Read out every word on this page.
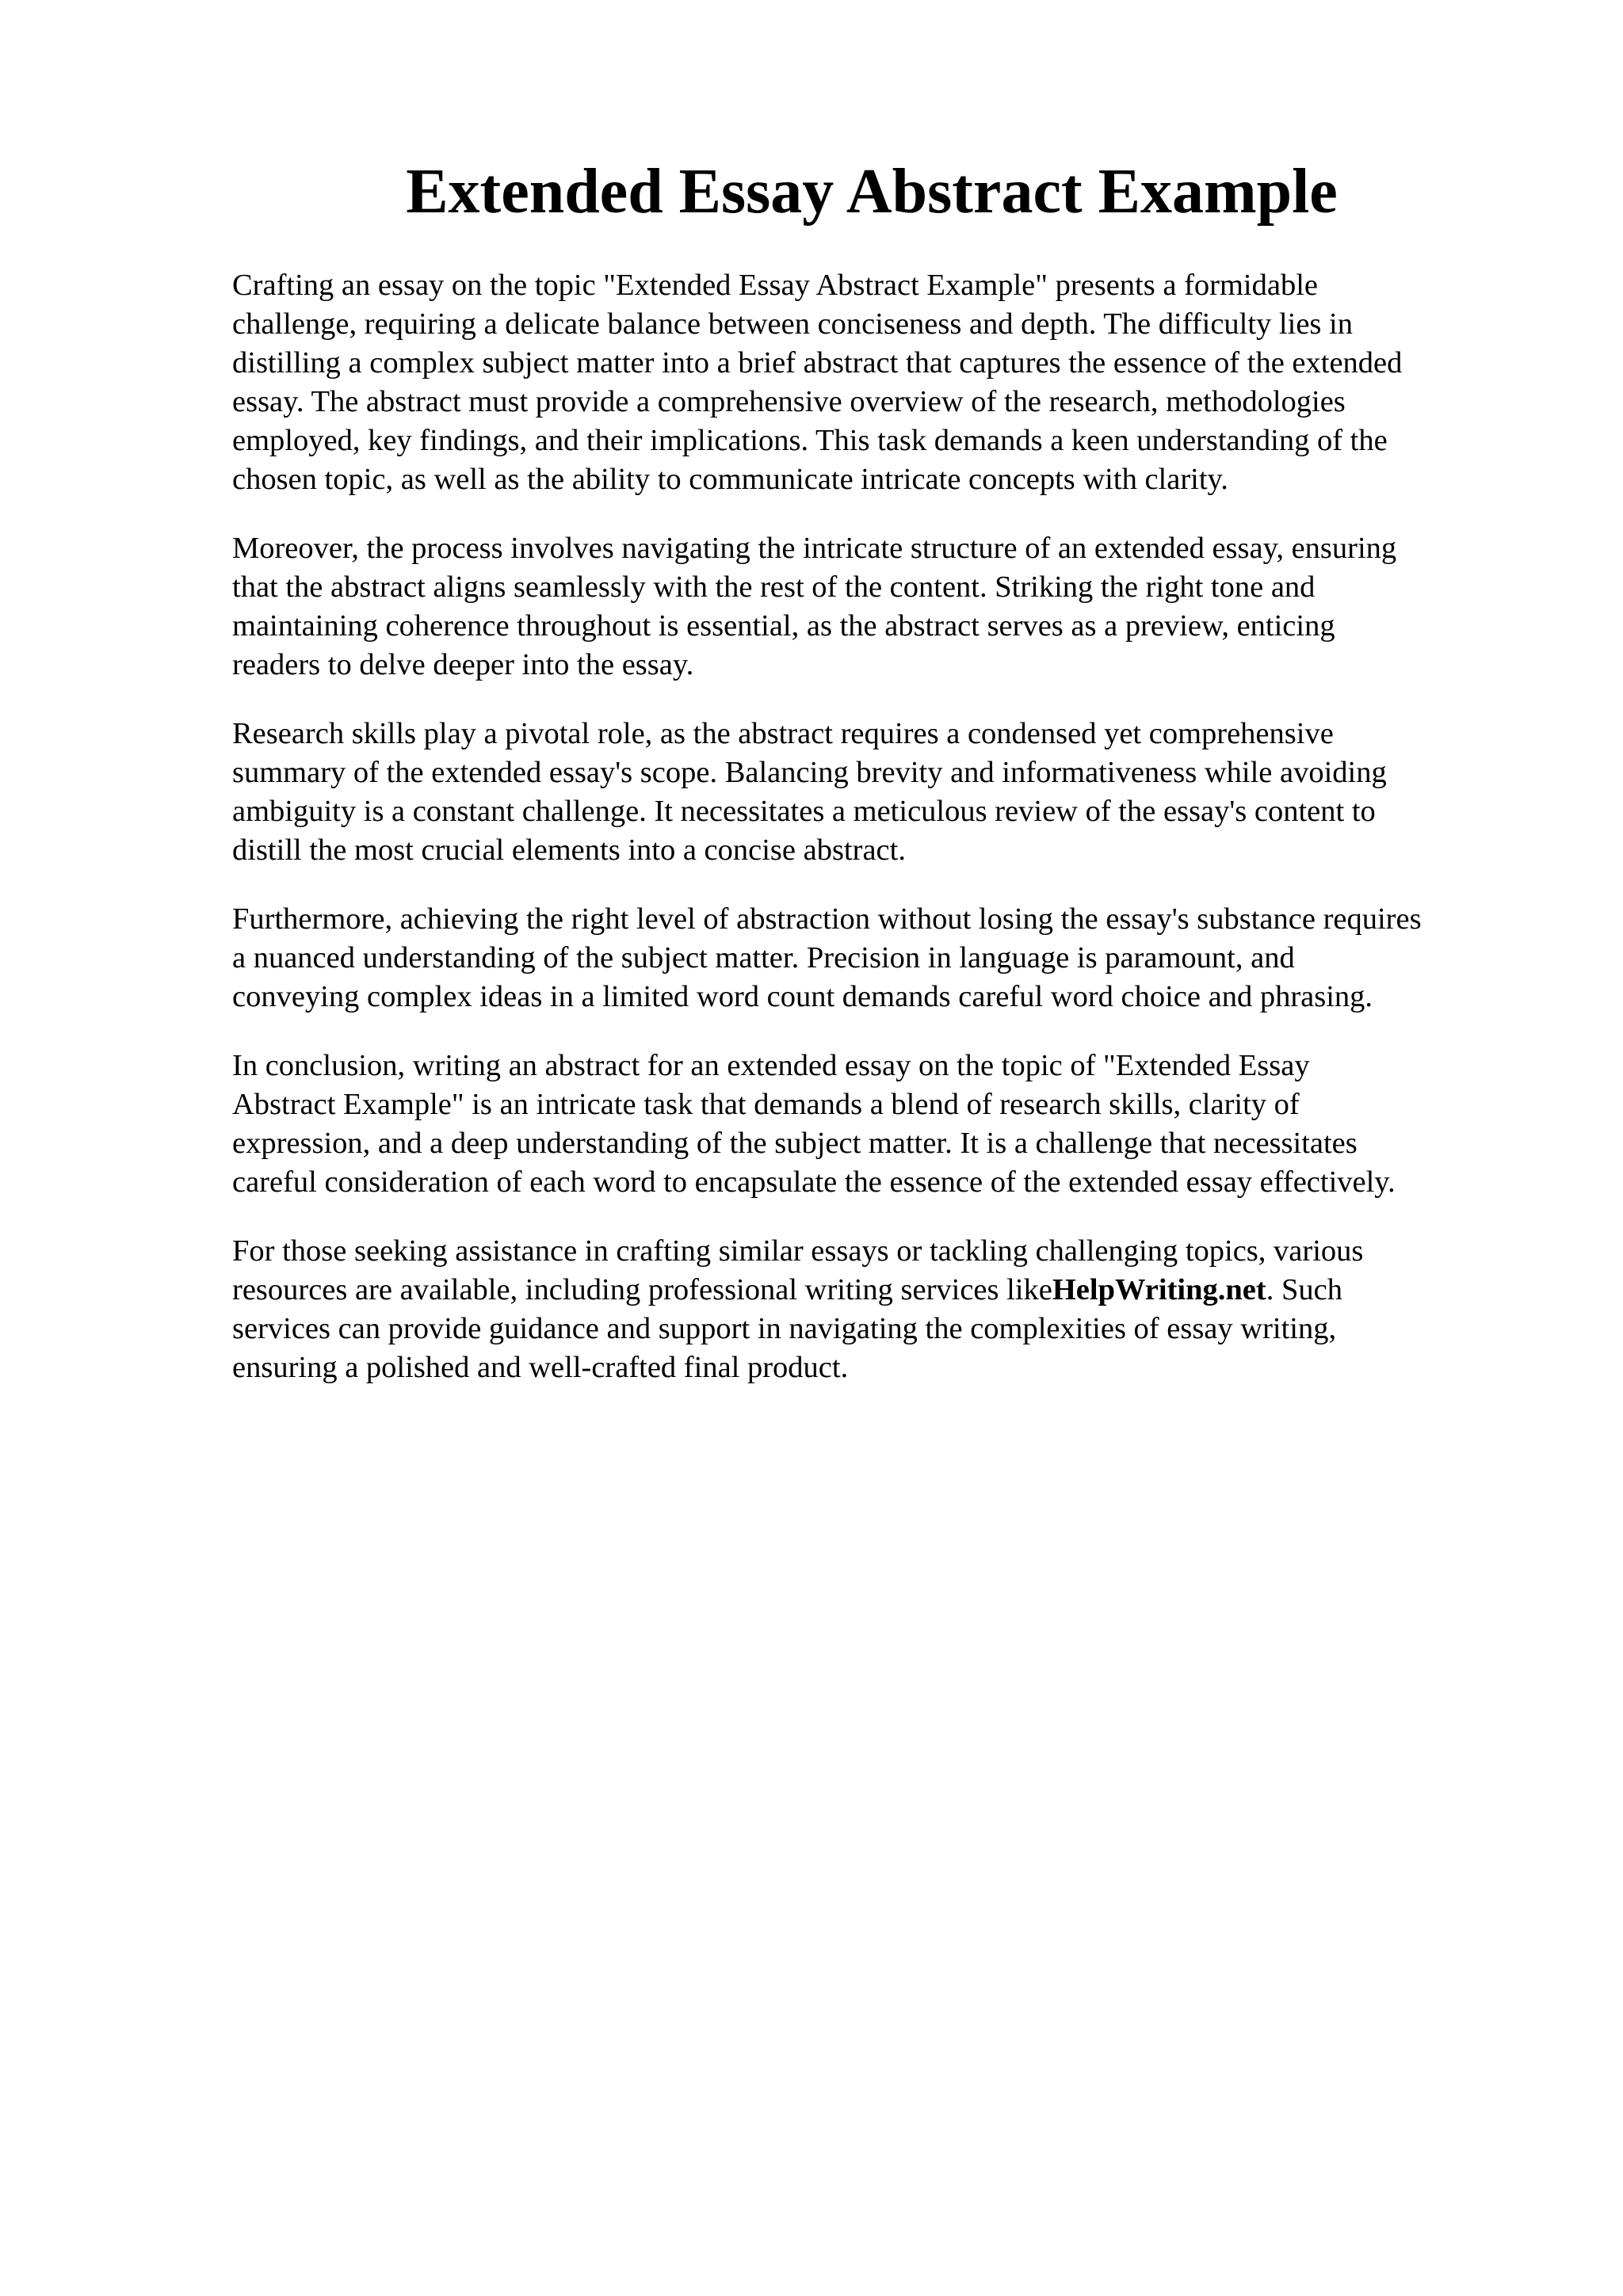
Extended Essay Abstract Example

Crafting an essay on the topic "Extended Essay Abstract Example" presents a formidable
challenge, requiring a delicate balance between conciseness and depth. The difficulty lies in
distilling a complex subject matter into a brief abstract that captures the essence of the extended
essay. The abstract must provide a comprehensive overview of the research, methodologies
employed, key findings, and their implications. This task demands a keen understanding of the
chosen topic, as well as the ability to communicate intricate concepts with clarity.

Moreover, the process involves navigating the intricate structure of an extended essay, ensuring
that the abstract aligns seamlessly with the rest of the content. Striking the right tone and
maintaining coherence throughout is essential, as the abstract serves as a preview, enticing
readers to delve deeper into the essay.

Research skills play a pivotal role, as the abstract requires a condensed yet comprehensive
summary of the extended essay's scope. Balancing brevity and informativeness while avoiding
ambiguity is a constant challenge. It necessitates a meticulous review of the essay's content to
distill the most crucial elements into a concise abstract.

Furthermore, achieving the right level of abstraction without losing the essay's substance requires
a nuanced understanding of the subject matter. Precision in language is paramount, and
conveying complex ideas in a limited word count demands careful word choice and phrasing.

In conclusion, writing an abstract for an extended essay on the topic of "Extended Essay
Abstract Example" is an intricate task that demands a blend of research skills, clarity of
expression, and a deep understanding of the subject matter. It is a challenge that necessitates
careful consideration of each word to encapsulate the essence of the extended essay effectively.

For those seeking assistance in crafting similar essays or tackling challenging topics, various
resources are available, including professional writing services likeHelpWriting.net. Such
services can provide guidance and support in navigating the complexities of essay writing,
ensuring a polished and well-crafted final product.
